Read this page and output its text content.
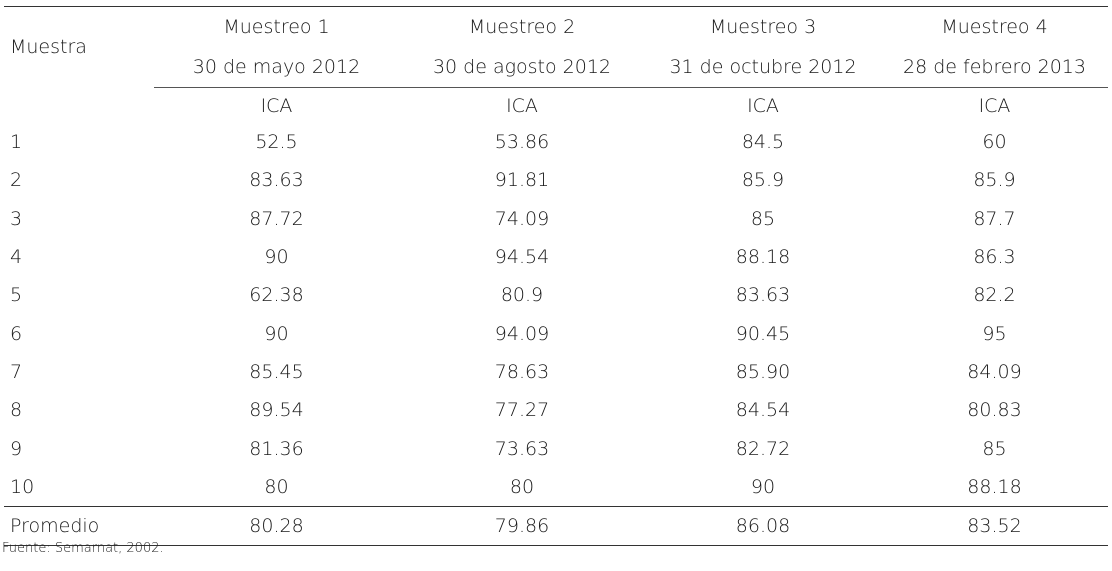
Muestra	Muestreo 1	Muestreo 2	Muestreo 3	Muestreo 4
	30 de mayo 2012	30 de agosto 2012	31 de octubre 2012	28 de febrero 2013
	ICA	ICA	ICA	ICA
1	52.5	53.86	84.5	60
2	83.63	91.81	85.9	85.9
3	87.72	74.09	85	87.7
4	90	94.54	88.18	86.3
5	62.38	80.9	83.63	82.2
6	90	94.09	90.45	95
7	85.45	78.63	85.90	84.09
8	89.54	77.27	84.54	80.83
9	81.36	73.63	82.72	85
10	80	80	90	88.18
Promedio	80.28	79.86	86.08	83.52
Fuente: Semarnat, 2002.
